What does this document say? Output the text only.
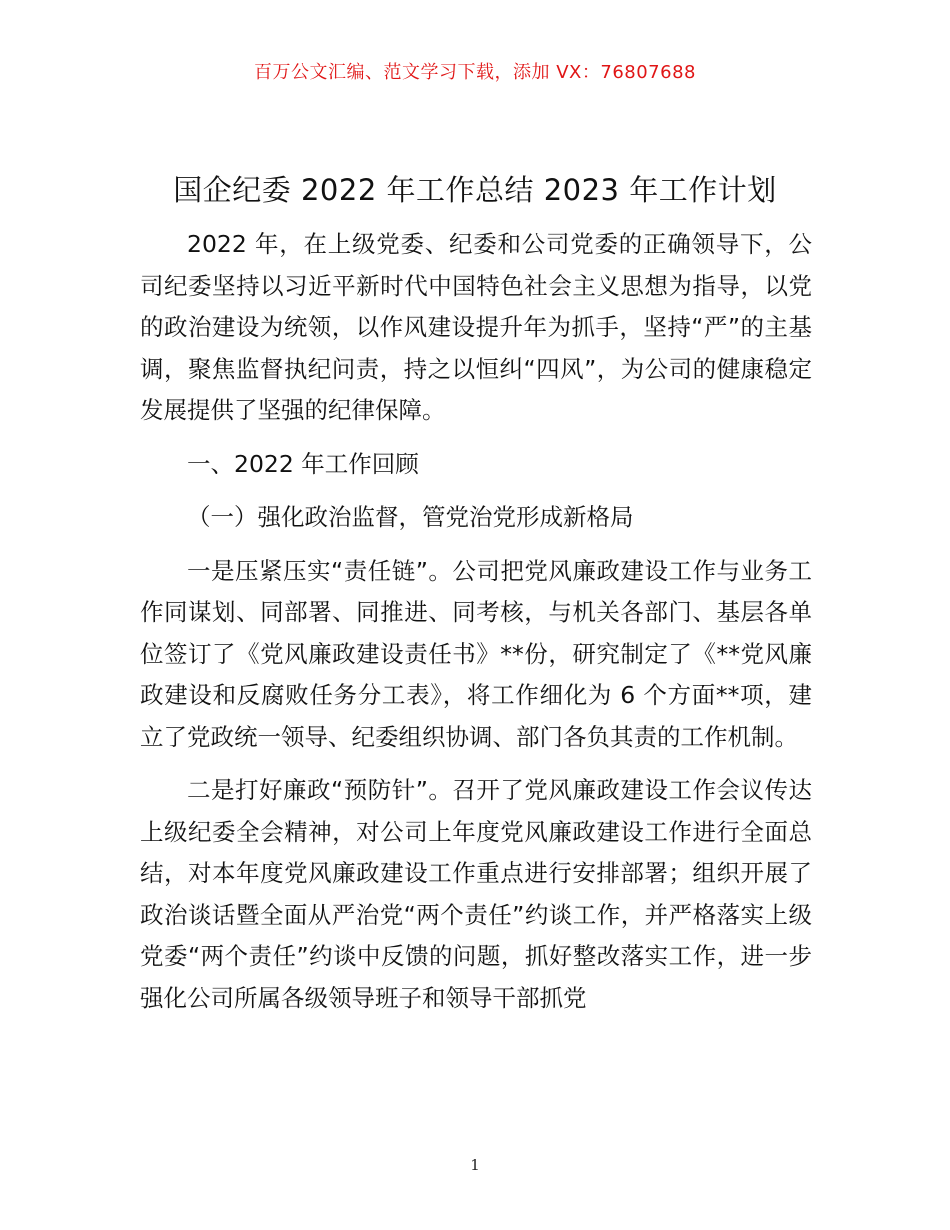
百万公文汇编、范文学习下载，添加 VX：76807688
国企纪委 2022 年工作总结 2023 年工作计划

2022 年，在上级党委、纪委和公司党委的正确领导下，公司纪委坚持以习近平新时代中国特色社会主义思想为指导，以党的政治建设为统领，以作风建设提升年为抓手，坚持“严”的主基调，聚焦监督执纪问责，持之以恒纠“四风”，为公司的健康稳定发展提供了坚强的纪律保障。

一、2022 年工作回顾

（一）强化政治监督，管党治党形成新格局

一是压紧压实“责任链”。公司把党风廉政建设工作与业务工作同谋划、同部署、同推进、同考核，与机关各部门、基层各单位签订了《党风廉政建设责任书》**份，研究制定了《**党风廉政建设和反腐败任务分工表》，将工作细化为 6 个方面**项，建立了党政统一领导、纪委组织协调、部门各负其责的工作机制。

二是打好廉政“预防针”。召开了党风廉政建设工作会议传达上级纪委全会精神，对公司上年度党风廉政建设工作进行全面总结，对本年度党风廉政建设工作重点进行安排部署；组织开展了政治谈话暨全面从严治党“两个责任”约谈工作，并严格落实上级党委“两个责任”约谈中反馈的问题，抓好整改落实工作，进一步强化公司所属各级领导班子和领导干部抓党

1
